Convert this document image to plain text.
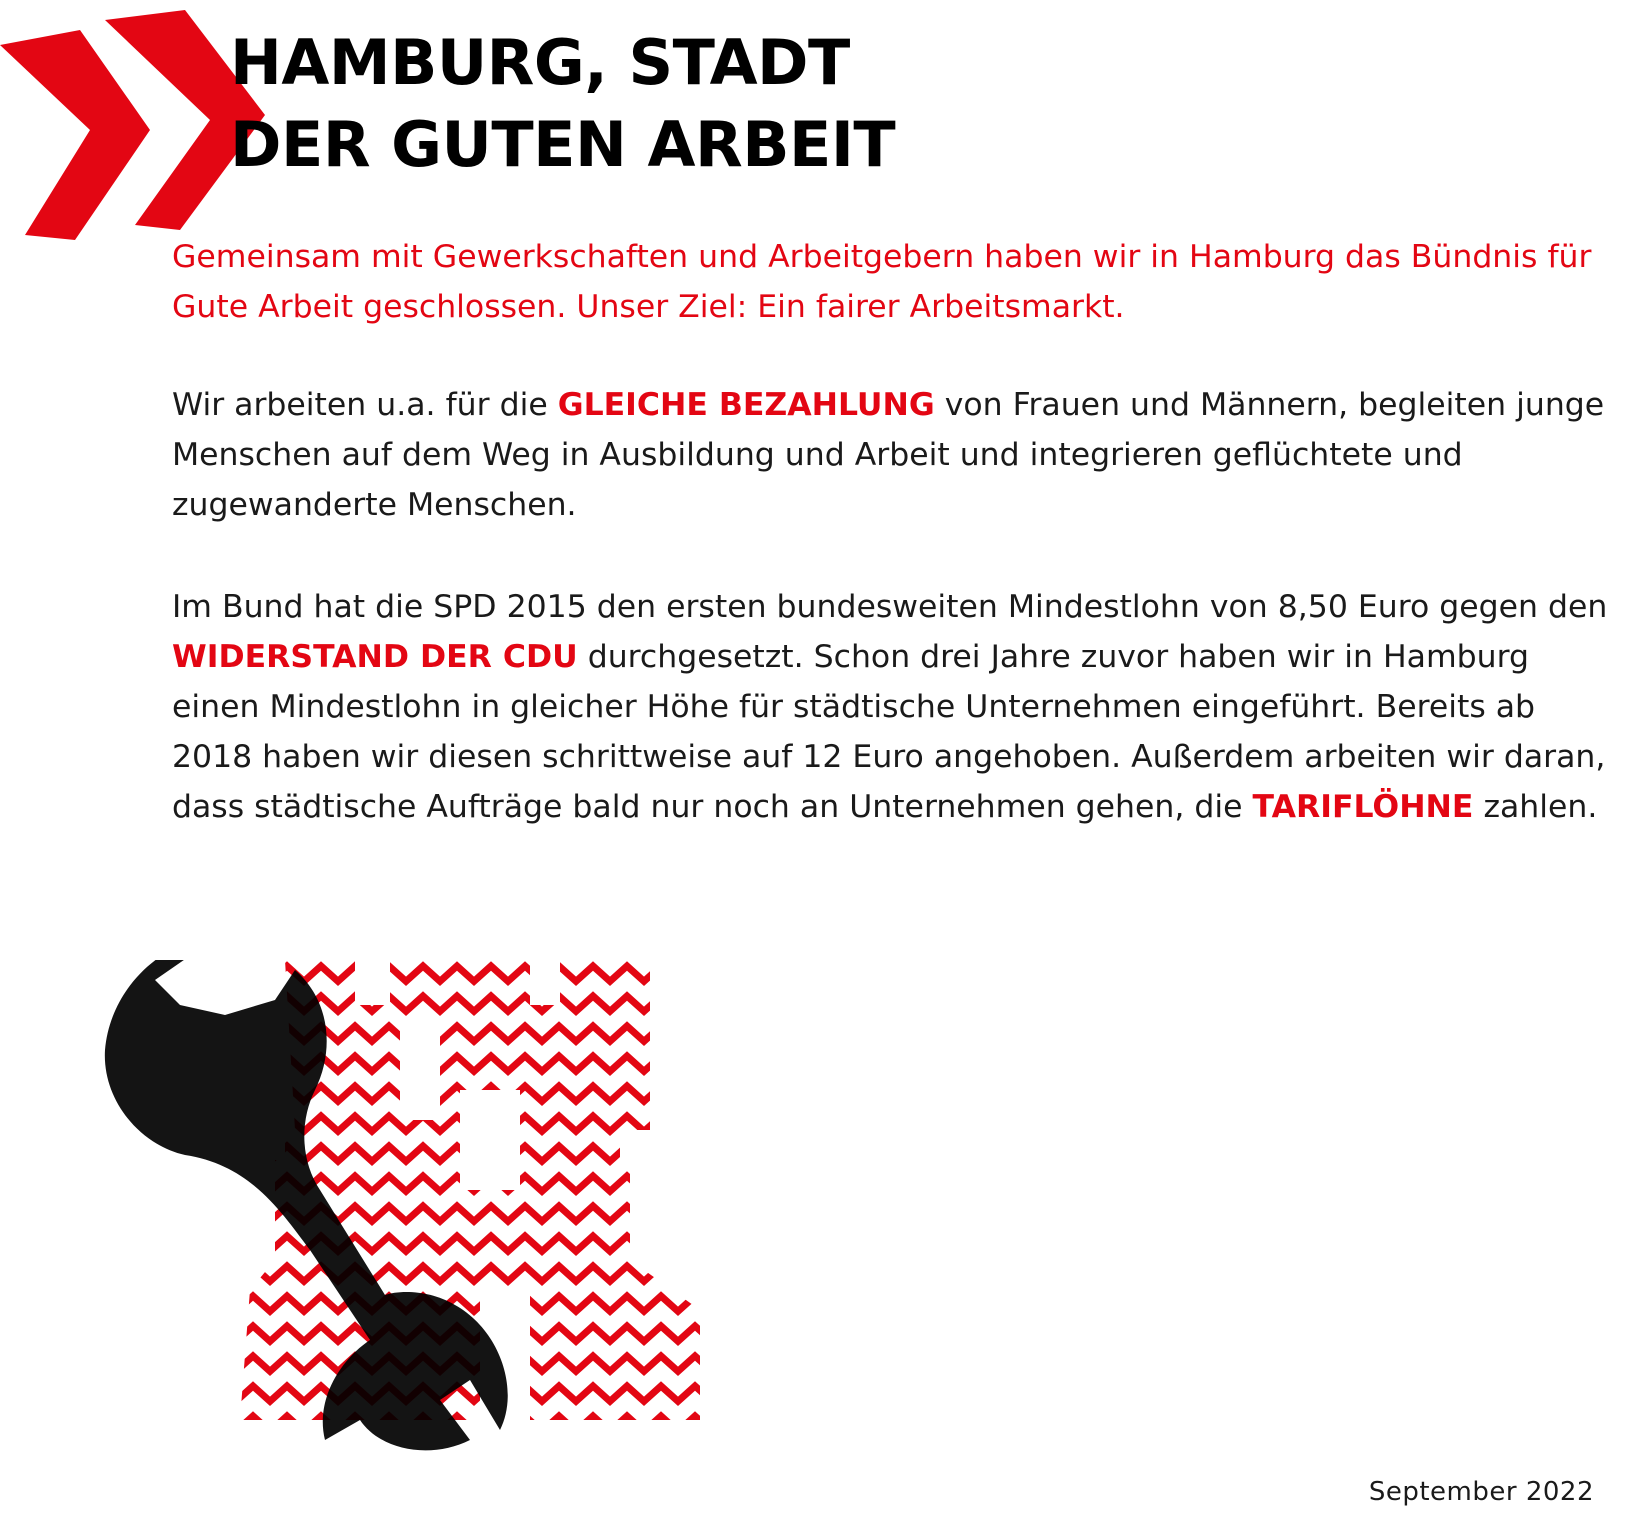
HAMBURG, STADT
DER GUTEN ARBEIT

Gemeinsam mit Gewerkschaften und Arbeitgebern haben wir in Hamburg das Bündnis für Gute Arbeit geschlossen. Unser Ziel: Ein fairer Arbeitsmarkt.

Wir arbeiten u.a. für die GLEICHE BEZAHLUNG von Frauen und Männern, begleiten junge Menschen auf dem Weg in Ausbildung und Arbeit und integrieren geflüchtete und zugewanderte Menschen.

Im Bund hat die SPD 2015 den ersten bundesweiten Mindestlohn von 8,50 Euro gegen den WIDERSTAND DER CDU durchgesetzt. Schon drei Jahre zuvor haben wir in Hamburg einen Mindestlohn in gleicher Höhe für städtische Unternehmen eingeführt. Bereits ab 2018 haben wir diesen schrittweise auf 12 Euro angehoben. Außerdem arbeiten wir daran, dass städtische Aufträge bald nur noch an Unternehmen gehen, die TARIFLÖHNE zahlen.

September 2022
